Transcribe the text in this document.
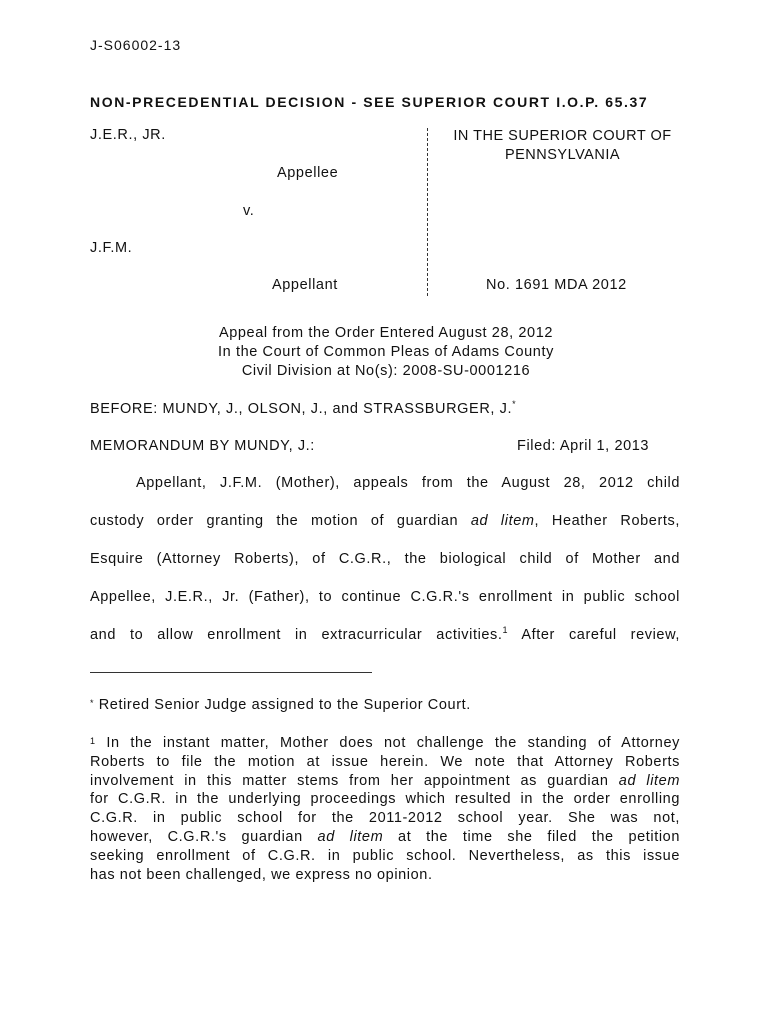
J-S06002-13
NON-PRECEDENTIAL DECISION - SEE SUPERIOR COURT I.O.P. 65.37
J.E.R., JR.
Appellee
v.
J.F.M.
Appellant
IN THE SUPERIOR COURT OF
PENNSYLVANIA
No. 1691 MDA 2012
Appeal from the Order Entered August 28, 2012
In the Court of Common Pleas of Adams County
Civil Division at No(s): 2008-SU-0001216
BEFORE: MUNDY, J., OLSON, J., and STRASSBURGER, J.*
MEMORANDUM BY MUNDY, J.:	Filed: April 1, 2013
Appellant, J.F.M. (Mother), appeals from the August 28, 2012 child
custody order granting the motion of guardian ad litem, Heather Roberts,
Esquire (Attorney Roberts), of C.G.R., the biological child of Mother and
Appellee, J.E.R., Jr. (Father), to continue C.G.R.'s enrollment in public school
and to allow enrollment in extracurricular activities.$^1$ After careful review,
* Retired Senior Judge assigned to the Superior Court.
$^1$ In the instant matter, Mother does not challenge the standing of Attorney
Roberts to file the motion at issue herein. We note that Attorney Roberts
involvement in this matter stems from her appointment as guardian ad litem
for C.G.R. in the underlying proceedings which resulted in the order enrolling
C.G.R. in public school for the 2011-2012 school year. She was not,
however, C.G.R.'s guardian ad litem at the time she filed the petition
seeking enrollment of C.G.R. in public school. Nevertheless, as this issue
has not been challenged, we express no opinion.
